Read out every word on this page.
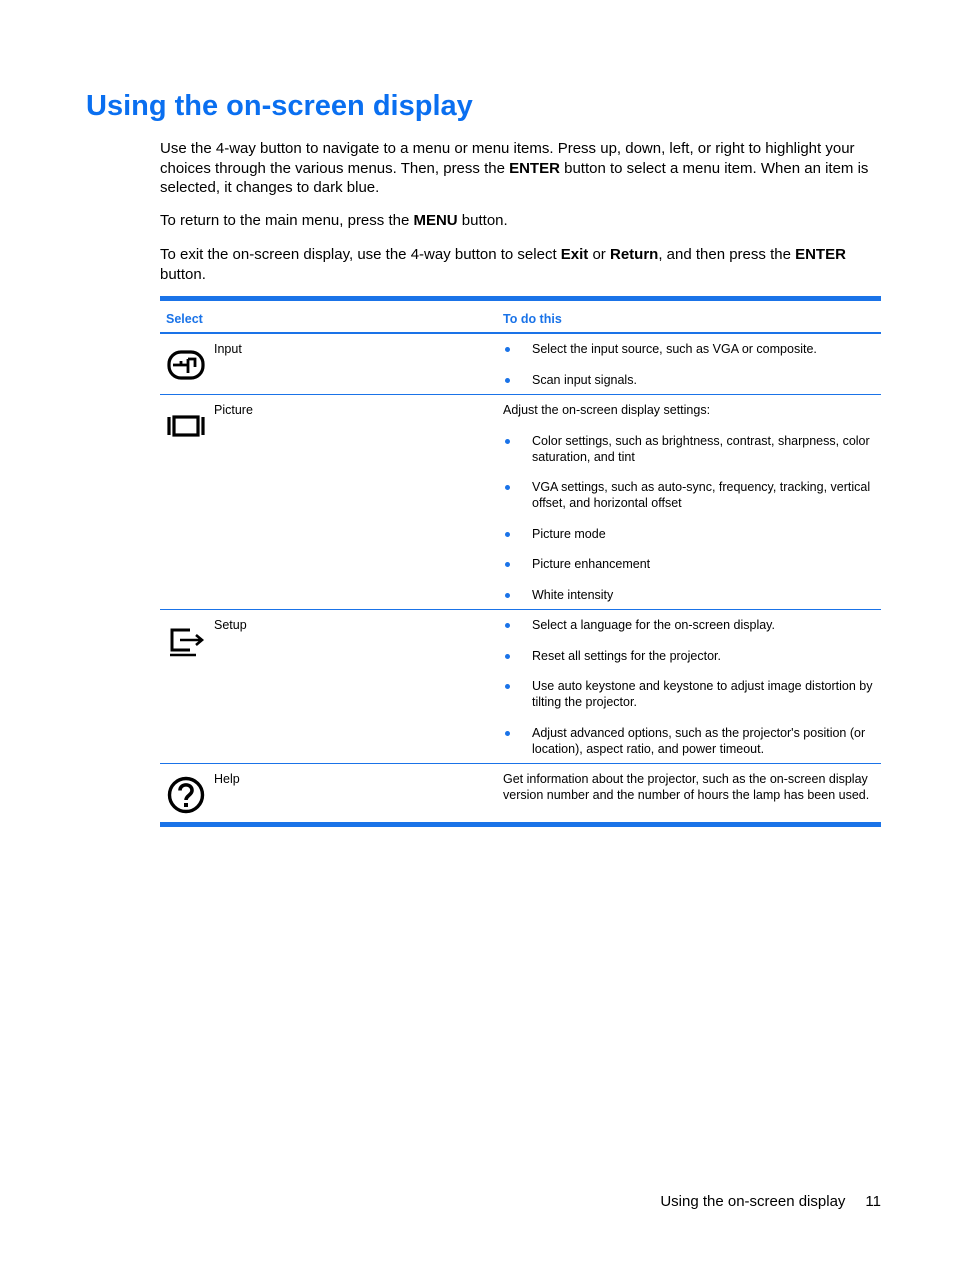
Using the on-screen display

Use the 4-way button to navigate to a menu or menu items. Press up, down, left, or right to highlight your choices through the various menus. Then, press the ENTER button to select a menu item. When an item is selected, it changes to dark blue.

To return to the main menu, press the MENU button.

To exit the on-screen display, use the 4-way button to select Exit or Return, and then press the ENTER button.

Select	To do this
Input	Select the input source, such as VGA or composite.
Scan input signals.
Picture	Adjust the on-screen display settings:
Color settings, such as brightness, contrast, sharpness, color saturation, and tint
VGA settings, such as auto-sync, frequency, tracking, vertical offset, and horizontal offset
Picture mode
Picture enhancement
White intensity
Setup	Select a language for the on-screen display.
Reset all settings for the projector.
Use auto keystone and keystone to adjust image distortion by tilting the projector.
Adjust advanced options, such as the projector's position (or location), aspect ratio, and power timeout.
Help	Get information about the projector, such as the on-screen display version number and the number of hours the lamp has been used.
Using the on-screen display 11
